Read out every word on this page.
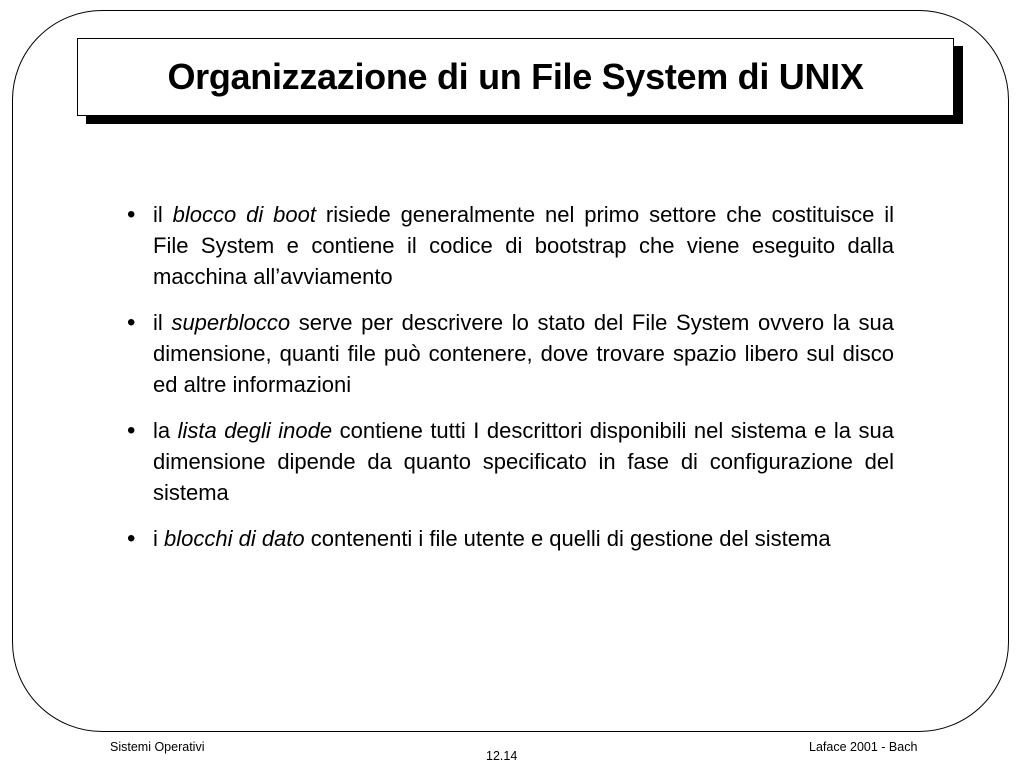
Organizzazione di un File System di UNIX
• il blocco di boot risiede generalmente nel primo settore che costituisce il File System e contiene il codice di bootstrap che viene eseguito dalla macchina all’avviamento
• il superblocco serve per descrivere lo stato del File System ovvero la sua dimensione, quanti file può contenere, dove trovare spazio libero sul disco ed altre informazioni
• la lista degli inode contiene tutti I descrittori disponibili nel sistema e la sua dimensione dipende da quanto specificato in fase di configurazione del sistema
• i blocchi di dato contenenti i file utente e quelli di gestione del sistema
Sistemi Operativi
12.14
Laface 2001 - Bach
